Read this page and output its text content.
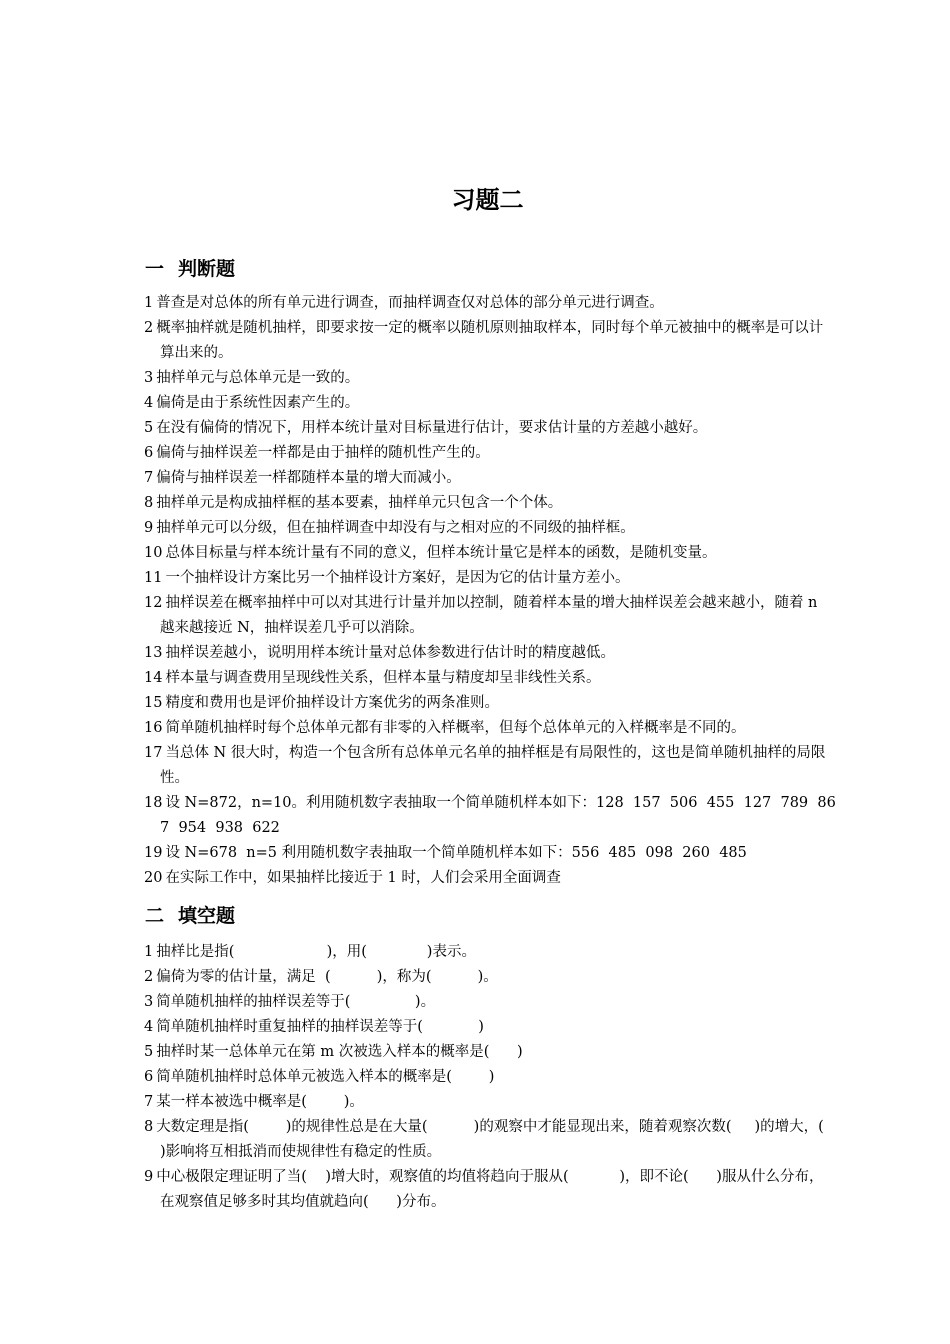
习题二
一 判断题
1 普查是对总体的所有单元进行调查，而抽样调查仅对总体的部分单元进行调查。
2 概率抽样就是随机抽样，即要求按一定的概率以随机原则抽取样本，同时每个单元被抽中的概率是可以计算出来的。
3 抽样单元与总体单元是一致的。
4 偏倚是由于系统性因素产生的。
5 在没有偏倚的情况下，用样本统计量对目标量进行估计，要求估计量的方差越小越好。
6 偏倚与抽样误差一样都是由于抽样的随机性产生的。
7 偏倚与抽样误差一样都随样本量的增大而减小。
8 抽样单元是构成抽样框的基本要素，抽样单元只包含一个个体。
9 抽样单元可以分级，但在抽样调查中却没有与之相对应的不同级的抽样框。
10 总体目标量与样本统计量有不同的意义，但样本统计量它是样本的函数，是随机变量。
11 一个抽样设计方案比另一个抽样设计方案好，是因为它的估计量方差小。
12 抽样误差在概率抽样中可以对其进行计量并加以控制，随着样本量的增大抽样误差会越来越小，随着 n 越来越接近 N，抽样误差几乎可以消除。
13 抽样误差越小，说明用样本统计量对总体参数进行估计时的精度越低。
14 样本量与调查费用呈现线性关系，但样本量与精度却呈非线性关系。
15 精度和费用也是评价抽样设计方案优劣的两条准则。
16 简单随机抽样时每个总体单元都有非零的入样概率，但每个总体单元的入样概率是不同的。
17 当总体 N 很大时，构造一个包含所有总体单元名单的抽样框是有局限性的，这也是简单随机抽样的局限性。
18 设 N=872，n=10。利用随机数字表抽取一个简单随机样本如下：128  157  506  455  127  789  867  954  938  622
19 设 N=678  n=5 利用随机数字表抽取一个简单随机样本如下：556  485  098  260  485
20 在实际工作中，如果抽样比接近于 1 时，人们会采用全面调查
二 填空题
1 抽样比是指(                    )，用(             )表示。
2 偏倚为零的估计量，满足  (          )，称为(          )。
3 简单随机抽样的抽样误差等于(              )。
4 简单随机抽样时重复抽样的抽样误差等于(            )
5 抽样时某一总体单元在第 m 次被选入样本的概率是(      )
6 简单随机抽样时总体单元被选入样本的概率是(        )
7 某一样本被选中概率是(        )。
8 大数定理是指(        )的规律性总是在大量(          )的观察中才能显现出来，随着观察次数(     )的增大，(       )影响将互相抵消而使规律性有稳定的性质。
9 中心极限定理证明了当(    )增大时，观察值的均值将趋向于服从(           )，即不论(      )服从什么分布，在观察值足够多时其均值就趋向(      )分布。
